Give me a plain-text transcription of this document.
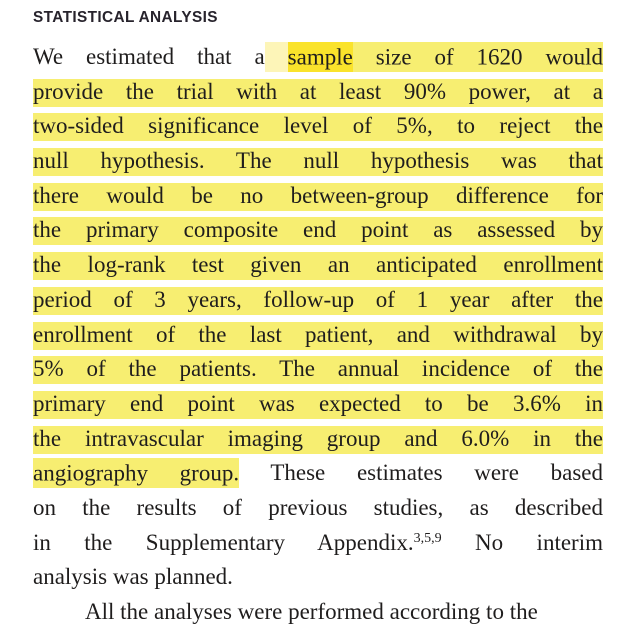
STATISTICAL ANALYSIS
We estimated that a sample size of 1620 would
provide the trial with at least 90% power, at a
two-sided significance level of 5%, to reject the
null hypothesis. The null hypothesis was that
there would be no between-group difference for
the primary composite end point as assessed by
the log-rank test given an anticipated enrollment
period of 3 years, follow-up of 1 year after the
enrollment of the last patient, and withdrawal by
5% of the patients. The annual incidence of the
primary end point was expected to be 3.6% in
the intravascular imaging group and 6.0% in the
angiography group. These estimates were based
on the results of previous studies, as described
in the Supplementary Appendix.$^{3,5,9}$ No interim
analysis was planned.
All the analyses were performed according to the
